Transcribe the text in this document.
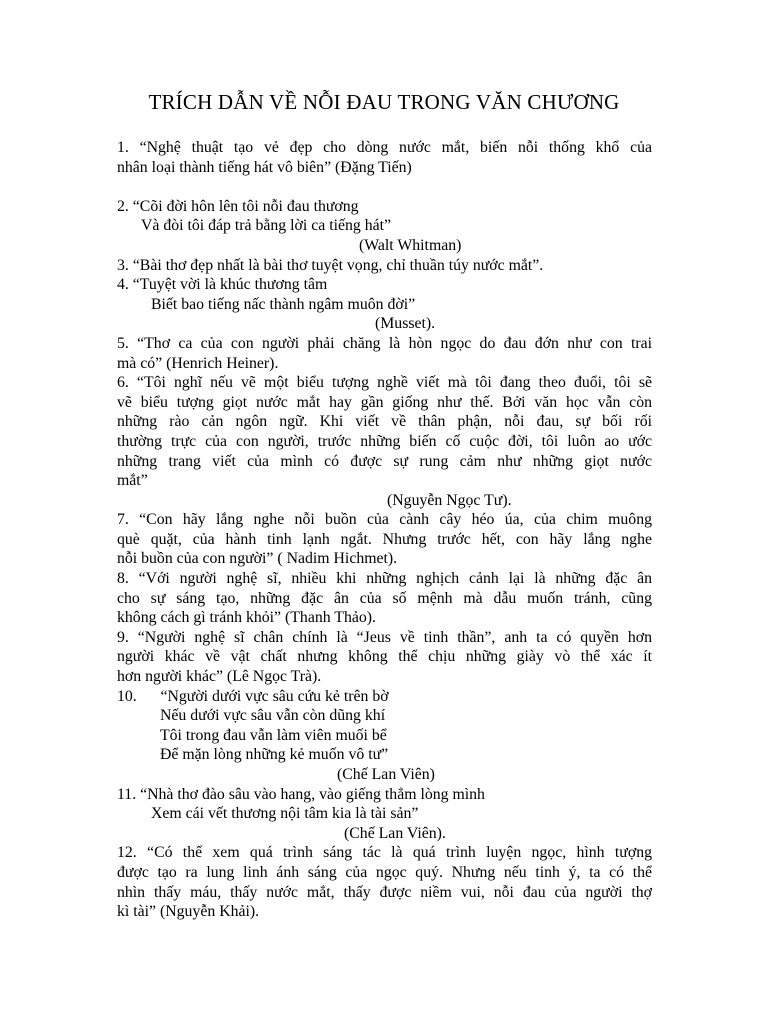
TRÍCH DẪN VỀ NỖI ĐAU TRONG VĂN CHƯƠNG
1. “Nghệ thuật tạo vẻ đẹp cho dòng nước mắt, biến nỗi thống khổ của
nhân loại thành tiếng hát vô biên” (Đặng Tiến)
2. “Cõi đời hôn lên tôi nỗi đau thương
Và đòi tôi đáp trả bằng lời ca tiếng hát”
(Walt Whitman)
3. “Bài thơ đẹp nhất là bài thơ tuyệt vọng, chỉ thuần túy nước mắt”.
4. “Tuyệt vời là khúc thương tâm
Biết bao tiếng nấc thành ngâm muôn đời”
(Musset).
5. “Thơ ca của con người phải chăng là hòn ngọc do đau đớn như con trai
mà có” (Henrich Heiner).
6. “Tôi nghĩ nếu vẽ một biểu tượng nghề viết mà tôi đang theo đuổi, tôi sẽ
vẽ biểu tượng giọt nước mắt hay gần giống như thế. Bởi văn học vẫn còn
những rào cản ngôn ngữ. Khi viết về thân phận, nỗi đau, sự bối rối
thường trực của con người, trước những biến cố cuộc đời, tôi luôn ao ước
những trang viết của mình có được sự rung cảm như những giọt nước
mắt”
(Nguyễn Ngọc Tư).
7. “Con hãy lắng nghe nỗi buồn của cành cây héo úa, của chim muông
què quặt, của hành tinh lạnh ngắt. Nhưng trước hết, con hãy lắng nghe
nỗi buồn của con người” ( Nadim Hichmet).
8. “Với người nghệ sĩ, nhiều khi những nghịch cảnh lại là những đặc ân
cho sự sáng tạo, những đặc ân của số mệnh mà dẫu muốn tránh, cũng
không cách gì tránh khỏi” (Thanh Thảo).
9. “Người nghệ sĩ chân chính là “Jeus về tinh thần”, anh ta có quyền hơn
người khác về vật chất nhưng không thể chịu những giày vò thể xác ít
hơn người khác” (Lê Ngọc Trà).
10. “Người dưới vực sâu cứu kẻ trên bờ
Nếu dưới vực sâu vẫn còn dũng khí
Tôi trong đau vẫn làm viên muối bể
Để mặn lòng những kẻ muốn vô tư”
(Chế Lan Viên)
11. “Nhà thơ đào sâu vào hang, vào giếng thẳm lòng mình
Xem cái vết thương nội tâm kia là tài sản”
(Chế Lan Viên).
12. “Có thể xem quá trình sáng tác là quá trình luyện ngọc, hình tượng
được tạo ra lung linh ánh sáng của ngọc quý. Nhưng nếu tinh ý, ta có thể
nhìn thấy máu, thấy nước mắt, thấy được niềm vui, nỗi đau của người thợ
kì tài” (Nguyễn Khải).
